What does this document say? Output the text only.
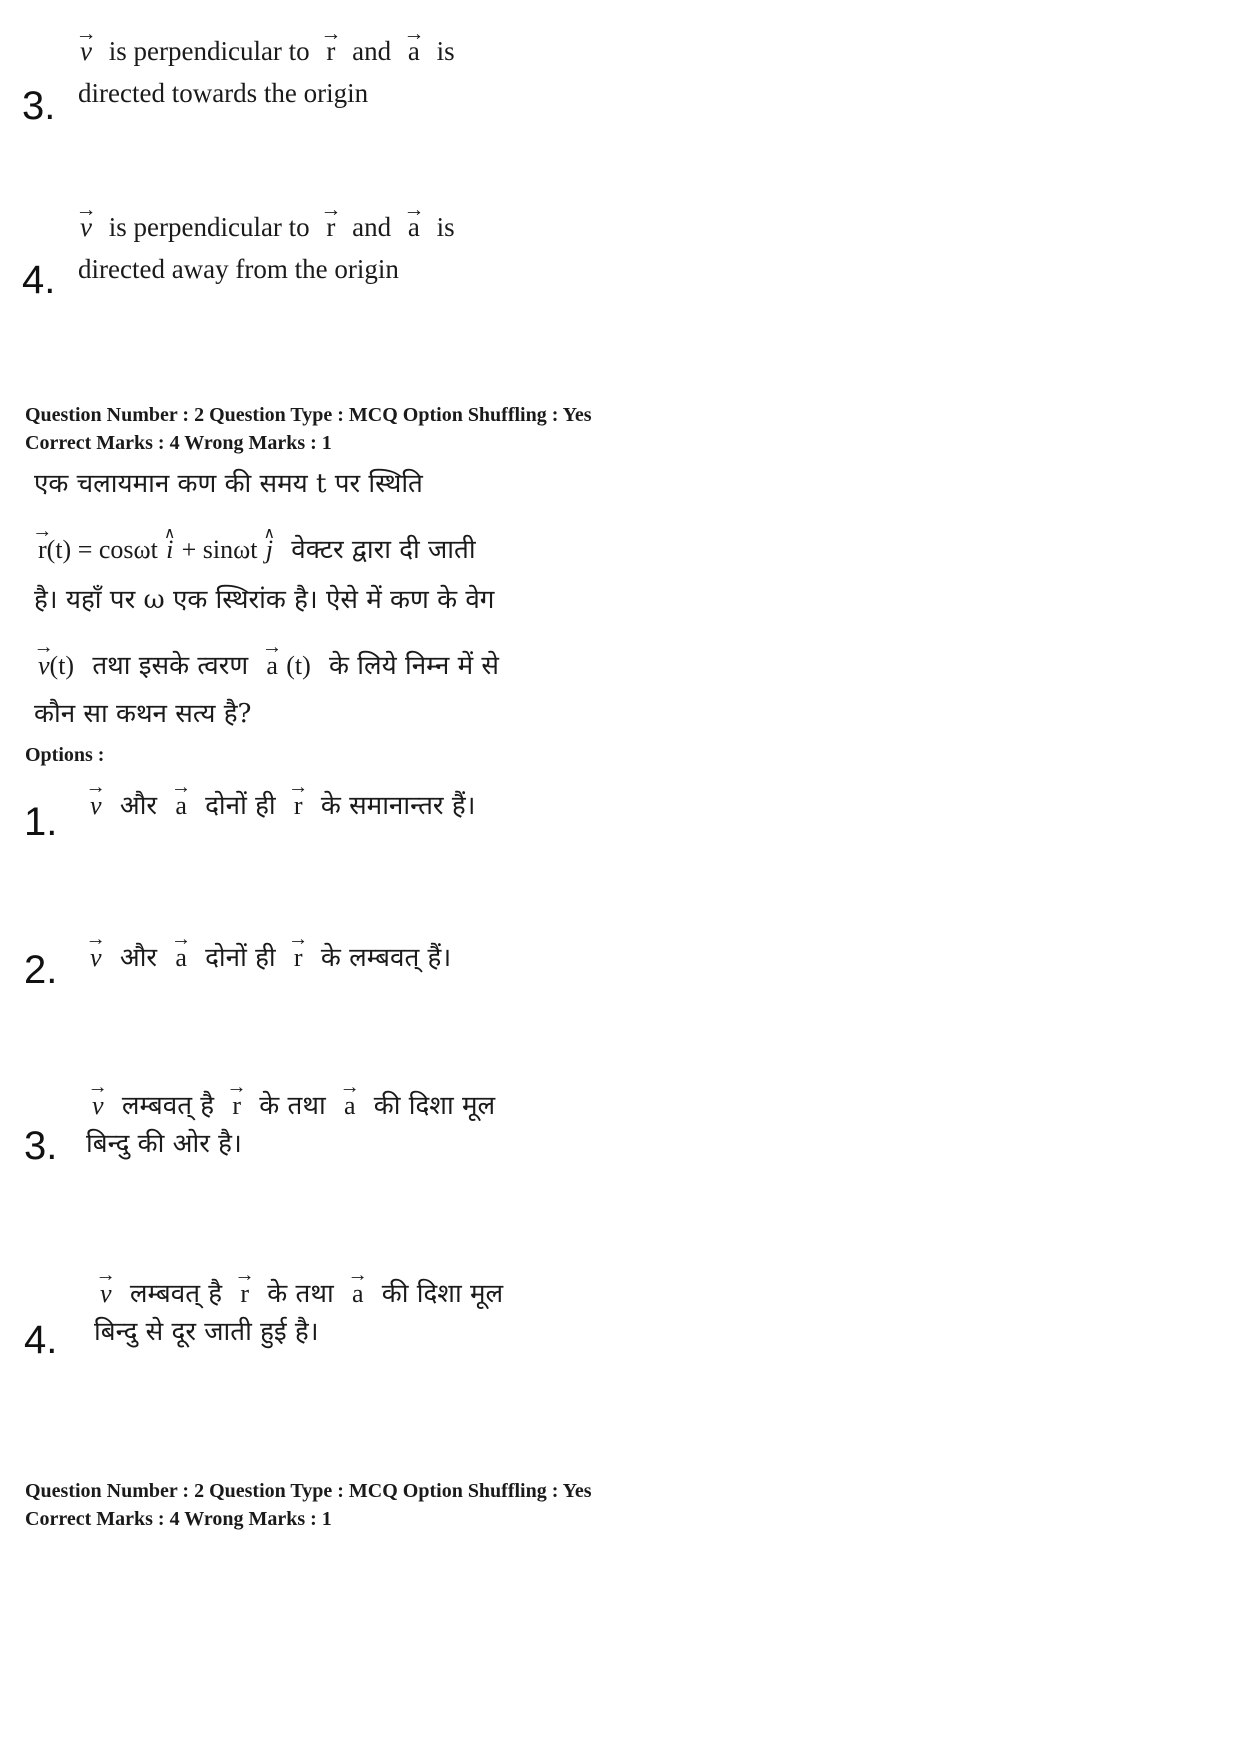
→ v is perpendicular to → r and → a is
3. directed towards the origin
→ v is perpendicular to → r and → a is
4. directed away from the origin
Question Number : 2 Question Type : MCQ Option Shuffling : Yes
Correct Marks : 4 Wrong Marks : 1
एक चलायमान कण की समय t पर स्थिति
→ r(t) = cosωt ∧ i + sinωt ∧ j वेक्टर द्वारा दी जाती
है। यहाँ पर ω एक स्थिरांक है। ऐसे में कण के वेग
→ v(t) तथा इसके त्वरण → a (t) के लिये निम्न में से
कौन सा कथन सत्य है?
Options :
1. → v और → a दोनों ही → r के समानान्तर हैं।
2. → v और → a दोनों ही → r के लम्बवत् हैं।
→ v लम्बवत् है → r के तथा → a की दिशा मूल
3. बिन्दु की ओर है।
→ v लम्बवत् है → r के तथा → a की दिशा मूल
4. बिन्दु से दूर जाती हुई है।
Question Number : 2 Question Type : MCQ Option Shuffling : Yes
Correct Marks : 4 Wrong Marks : 1
